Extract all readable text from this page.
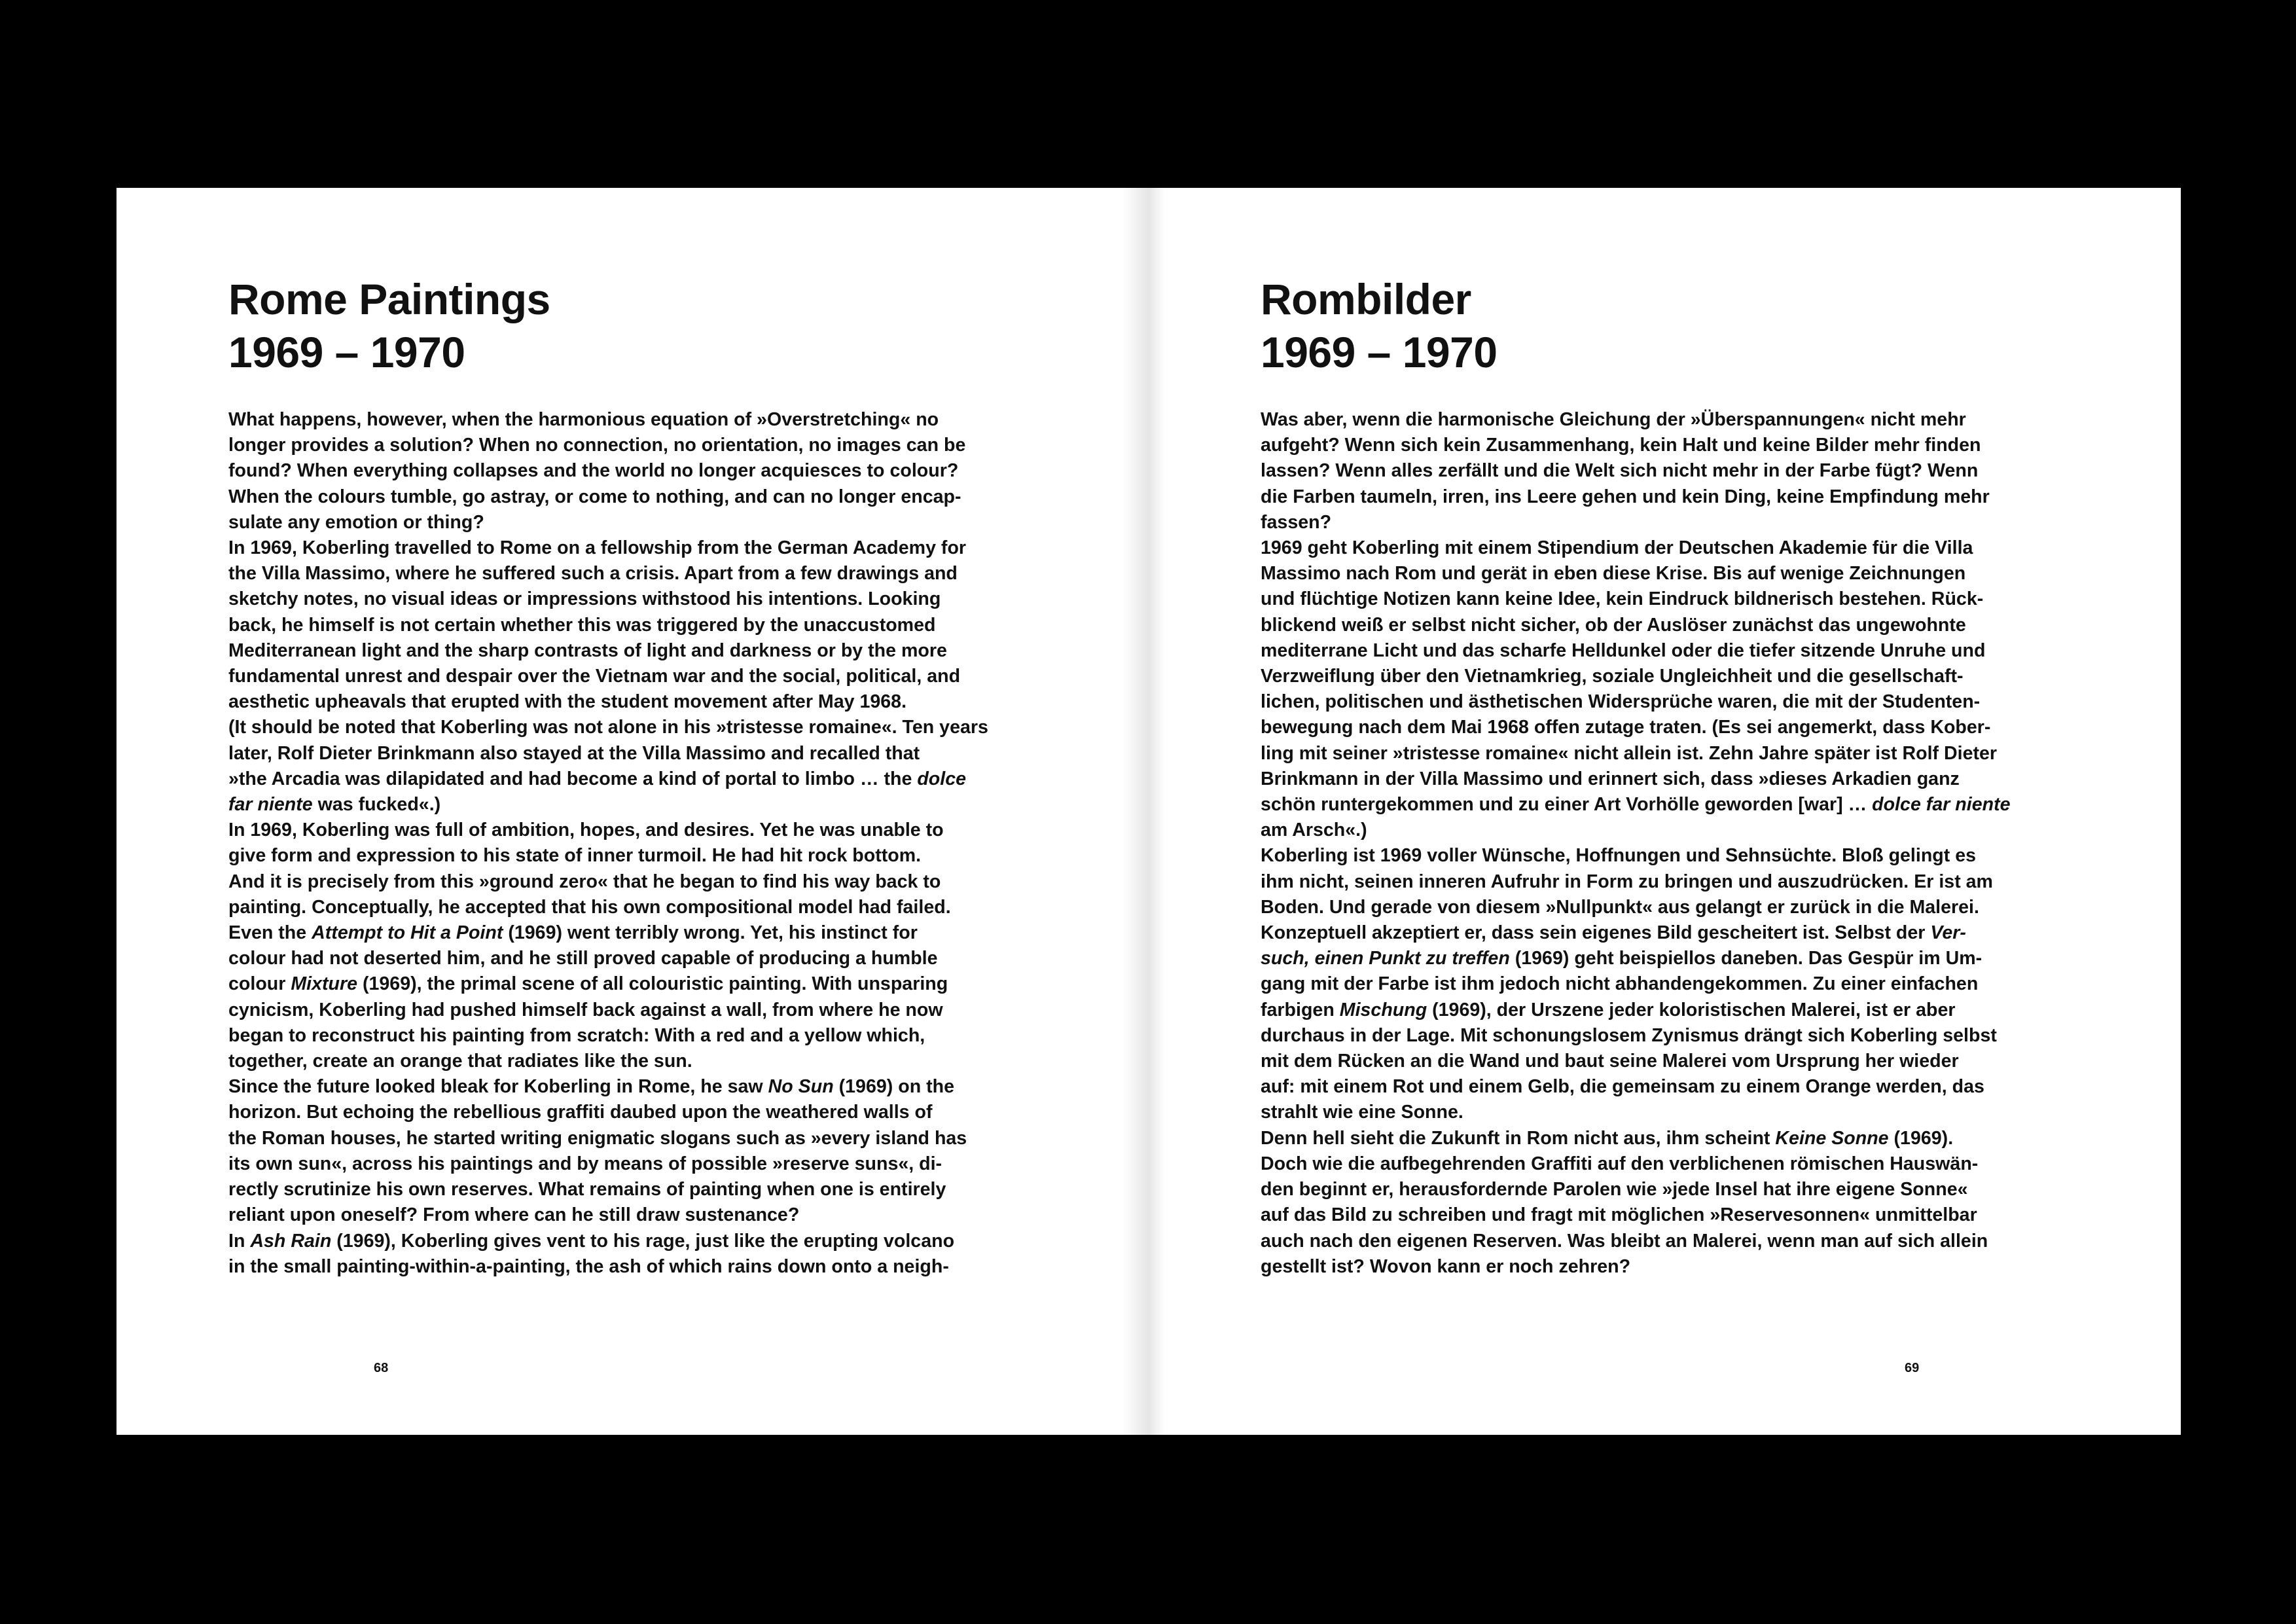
Rome Paintings
1969 – 1970
What happens, however, when the harmonious equation of »Overstretching« no
longer provides a solution? When no connection, no orientation, no images can be
found? When everything collapses and the world no longer acquiesces to colour?
When the colours tumble, go astray, or come to nothing, and can no longer encap-
sulate any emotion or thing?
In 1969, Koberling travelled to Rome on a fellowship from the German Academy for
the Villa Massimo, where he suffered such a crisis. Apart from a few drawings and
sketchy notes, no visual ideas or impressions withstood his intentions. Looking
back, he himself is not certain whether this was triggered by the unaccustomed
Mediterranean light and the sharp contrasts of light and darkness or by the more
fundamental unrest and despair over the Vietnam war and the social, political, and
aesthetic upheavals that erupted with the student movement after May 1968.
(It should be noted that Koberling was not alone in his »tristesse romaine«. Ten years
later, Rolf Dieter Brinkmann also stayed at the Villa Massimo and recalled that
»the Arcadia was dilapidated and had become a kind of portal to limbo … the dolce
far niente was fucked«.)
In 1969, Koberling was full of ambition, hopes, and desires. Yet he was unable to
give form and expression to his state of inner turmoil. He had hit rock bottom.
And it is precisely from this »ground zero« that he began to find his way back to
painting. Conceptually, he accepted that his own compositional model had failed.
Even the Attempt to Hit a Point (1969) went terribly wrong. Yet, his instinct for
colour had not deserted him, and he still proved capable of producing a humble
colour Mixture (1969), the primal scene of all colouristic painting. With unsparing
cynicism, Koberling had pushed himself back against a wall, from where he now
began to reconstruct his painting from scratch: With a red and a yellow which,
together, create an orange that radiates like the sun.
Since the future looked bleak for Koberling in Rome, he saw No Sun (1969) on the
horizon. But echoing the rebellious graffiti daubed upon the weathered walls of
the Roman houses, he started writing enigmatic slogans such as »every island has
its own sun«, across his paintings and by means of possible »reserve suns«, di-
rectly scrutinize his own reserves. What remains of painting when one is entirely
reliant upon oneself? From where can he still draw sustenance?
In Ash Rain (1969), Koberling gives vent to his rage, just like the erupting volcano
in the small painting-within-a-painting, the ash of which rains down onto a neigh-
68
Rombilder
1969 – 1970
Was aber, wenn die harmonische Gleichung der »Überspannungen« nicht mehr
aufgeht? Wenn sich kein Zusammenhang, kein Halt und keine Bilder mehr finden
lassen? Wenn alles zerfällt und die Welt sich nicht mehr in der Farbe fügt? Wenn
die Farben taumeln, irren, ins Leere gehen und kein Ding, keine Empfindung mehr
fassen?
1969 geht Koberling mit einem Stipendium der Deutschen Akademie für die Villa
Massimo nach Rom und gerät in eben diese Krise. Bis auf wenige Zeichnungen
und flüchtige Notizen kann keine Idee, kein Eindruck bildnerisch bestehen. Rück-
blickend weiß er selbst nicht sicher, ob der Auslöser zunächst das ungewohnte
mediterrane Licht und das scharfe Helldunkel oder die tiefer sitzende Unruhe und
Verzweiflung über den Vietnamkrieg, soziale Ungleichheit und die gesellschaft-
lichen, politischen und ästhetischen Widersprüche waren, die mit der Studenten-
bewegung nach dem Mai 1968 offen zutage traten. (Es sei angemerkt, dass Kober-
ling mit seiner »tristesse romaine« nicht allein ist. Zehn Jahre später ist Rolf Dieter
Brinkmann in der Villa Massimo und erinnert sich, dass »dieses Arkadien ganz
schön runtergekommen und zu einer Art Vorhölle geworden [war] … dolce far niente
am Arsch«.)
Koberling ist 1969 voller Wünsche, Hoffnungen und Sehnsüchte. Bloß gelingt es
ihm nicht, seinen inneren Aufruhr in Form zu bringen und auszudrücken. Er ist am
Boden. Und gerade von diesem »Nullpunkt« aus gelangt er zurück in die Malerei.
Konzeptuell akzeptiert er, dass sein eigenes Bild gescheitert ist. Selbst der Ver-
such, einen Punkt zu treffen (1969) geht beispiellos daneben. Das Gespür im Um-
gang mit der Farbe ist ihm jedoch nicht abhandengekommen. Zu einer einfachen
farbigen Mischung (1969), der Urszene jeder koloristischen Malerei, ist er aber
durchaus in der Lage. Mit schonungslosem Zynismus drängt sich Koberling selbst
mit dem Rücken an die Wand und baut seine Malerei vom Ursprung her wieder
auf: mit einem Rot und einem Gelb, die gemeinsam zu einem Orange werden, das
strahlt wie eine Sonne.
Denn hell sieht die Zukunft in Rom nicht aus, ihm scheint Keine Sonne (1969).
Doch wie die aufbegehrenden Graffiti auf den verblichenen römischen Hauswän-
den beginnt er, herausfordernde Parolen wie »jede Insel hat ihre eigene Sonne«
auf das Bild zu schreiben und fragt mit möglichen »Reservesonnen« unmittelbar
auch nach den eigenen Reserven. Was bleibt an Malerei, wenn man auf sich allein
gestellt ist? Wovon kann er noch zehren?
69
